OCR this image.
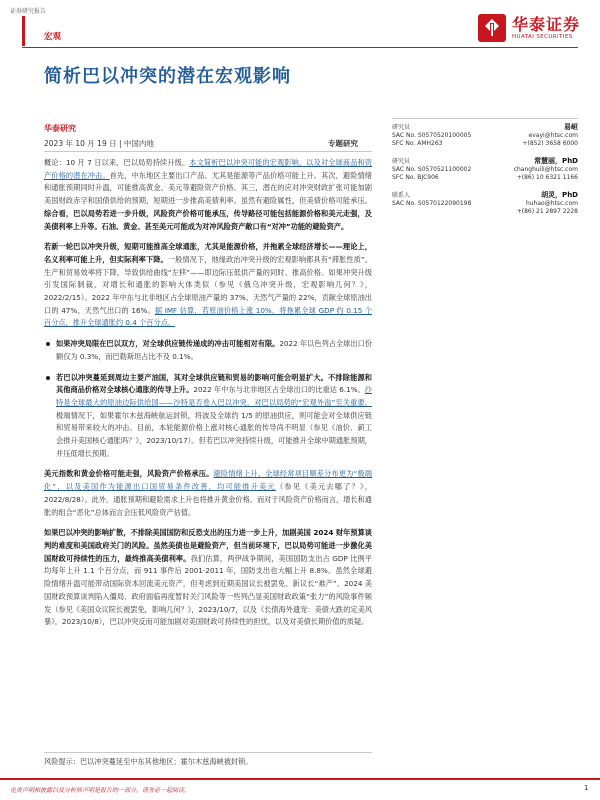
证券研究报告
宏观
华泰证券
HUATAI SECURITIES
简析巴以冲突的潜在宏观影响
华泰研究
2023 年 10 月 19 日 | 中国内地	专题研究

概论：10 月 7 日以来，巴以局势持续升级。本文简析巴以冲突可能的宏观影响，以及对全球商品和资产价格的潜在冲击。首先，中东地区主要出口产品、尤其是能源等产品价格可能上升。其次，避险情绪和通胀预期同时升温，可能推高黄金、美元等避险资产价格。其三，潜在的应对冲突财政扩张可能加剧美国财政赤字和国债供给的预期，短期进一步推高美债利率。虽然有避险属性，但美债价格可能承压。综合看，巴以局势若进一步升级，风险资产价格可能承压，传导路径可能包括能源价格和美元走强，及美债利率上升等。石油、黄金、甚至美元可能成为对冲风险资产敞口有“对冲”功能的避险资产。

若新一轮巴以冲突升级，短期可能推高全球通胀，尤其是能源价格，并拖累全球经济增长——理论上，名义利率可能上升，但实际利率下降。一般情况下，地缘政治冲突升级的宏观影响都具有“滞胀性质”。生产和贸易效率将下降，导致供给曲线“左移”——即边际压低供产量的同时、推高价格。如果冲突升级引发国际制裁，对增长和通胀的影响大体类似（参见《俄乌冲突升级，宏观影响几何？》，2022/2/15）。2022 年中东与北非地区占全球原油产量的 37%、天然气产量的 22%，贡献全球原油出口的 47%、天然气出口的 16%。据 IMF 估算，若原油价格上涨 10%，将拖累全球 GDP 约 0.15 个百分点，推升全球通胀约 0.4 个百分点。

如果冲突局限在巴以双方，对全球供应链传递成的冲击可能相对有限。2022 年以色列占全球出口份额仅为 0.3%，而巴勒斯坦占比不及 0.1%。
若巴以冲突蔓延到周边主要产油国，其对全球供应链和贸易的影响可能会明显扩大。不排除能源和其他商品价格对全球核心通胀的传导上升。2022 年中东与北非地区占全球出口的比重达 6.1%。沙特是全球最大的原油边际供给国——沙特是否卷入巴以冲突，对巴以局势的“宏观外溢”至关重要。极端情况下，如果霍尔木兹海峡航运封锁，将波及全球约 1/5 的原油供应，则可能会对全球供应链和贸易带来较大的冲击。目前，本轮能源价格上涨对核心通胀的传导尚不明显（参见《油价、薪工会推升美国核心通胀吗？》，2023/10/17）。但若巴以冲突持续升级，可能推升全球中期通胀预期，并压低增长预期。

美元指数和黄金价格可能走强，风险资产价格承压。避险情绪上升、全球经常项目顺差分布更为“极端化”，以及美国作为能源出口国贸易条件改善，均可能推升美元（参见《美元去哪了？》，2022/8/28）。此外，通胀预期和避险需求上升也将推升黄金价格。而对于风险资产价格而言，增长和通胀的组合“恶化”总体而言会压低风险资产估值。

如果巴以冲突的影响扩散，不排除美国国防和反恐支出的压力进一步上升，加剧美国 2024 财年预算谈判的难度和美国政府关门的风险。虽然美债也是避险资产，但当前环境下，巴以局势可能进一步激化美国财政可持续性的压力，最终推高美债利率。我们估算，两伊战争期间，美国国防支出占 GDP 比例平均每年上升 1.1 个百分点，而 911 事件后 2001-2011 年，国防支出也大幅上升 8.8%。虽然全球避险情绪升温可能带动国际资本回流美元资产，但考虑到近期美国议长被罢免、新议长“难产”、2024 美国财政预算谈判陷入僵局、政府面临再度暂时关门风险等一些列凸显美国财政政策“张力”的风险事件频发（参见《美国众议院长被罢免，影响几何？》，2023/10/7，以及《长债海外遗宠：美债大跌的定美风暴》，2023/10/8），巴以冲突反而可能加剧对美国财政可持续性的担忧，以及对美债长期价值的质疑。

风险提示：巴以冲突蔓延至中东其他地区；霍尔木兹海峡被封锁。
研究员	易峘
SAC No. S0570520100005	evayi@htsc.com
SFC No. AMH263	+(852) 3658 6000
研究员	常慧丽，PhD
SAC No. S0570521100002	changhuili@htsc.com
SFC No. BJC906	+(86) 10 6321 1166
联系人	胡灵，PhD
SAC No. S0570122090198	huhao@htsc.com
+(86) 21 2897 2228
免责声明和披露以及分析师声明是报告的一部分，请务必一起阅读。	1
